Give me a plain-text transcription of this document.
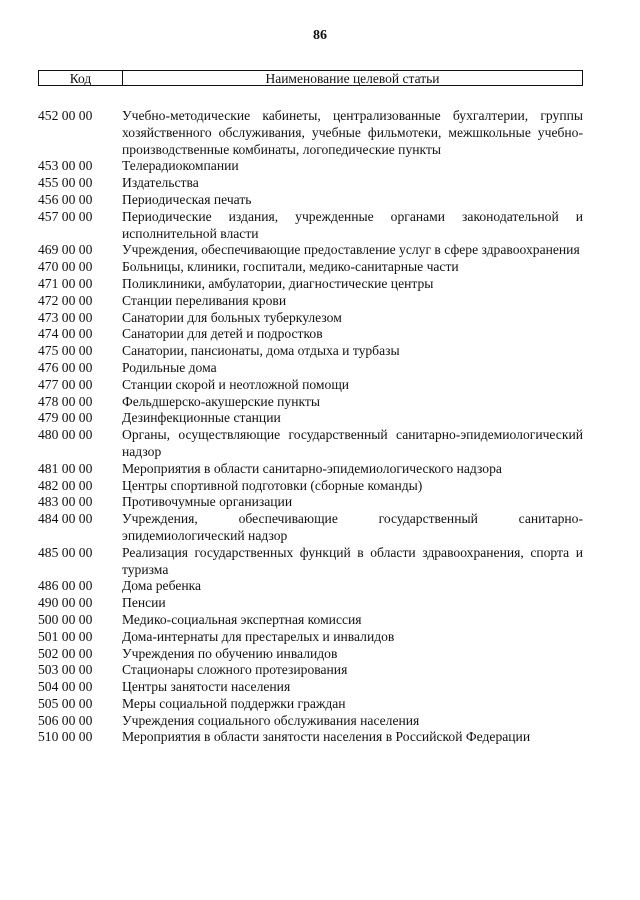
86
Код	Наименование целевой статьи
452 00 00	Учебно-методические кабинеты, централизованные бухгалтерии, группы хозяйственного обслуживания, учебные фильмотеки, межшкольные учебно-производственные комбинаты, логопедические пункты
453 00 00	Телерадиокомпании
455 00 00	Издательства
456 00 00	Периодическая печать
457 00 00	Периодические издания, учрежденные органами законодательной и исполнительной власти
469 00 00	Учреждения, обеспечивающие предоставление услуг в сфере здравоохранения
470 00 00	Больницы, клиники, госпитали, медико-санитарные части
471 00 00	Поликлиники, амбулатории, диагностические центры
472 00 00	Станции переливания крови
473 00 00	Санатории для больных туберкулезом
474 00 00	Санатории для детей и подростков
475 00 00	Санатории, пансионаты, дома отдыха и турбазы
476 00 00	Родильные дома
477 00 00	Станции скорой и неотложной помощи
478 00 00	Фельдшерско-акушерские пункты
479 00 00	Дезинфекционные станции
480 00 00	Органы, осуществляющие государственный санитарно-эпидемиологический надзор
481 00 00	Мероприятия в области санитарно-эпидемиологического надзора
482 00 00	Центры спортивной подготовки (сборные команды)
483 00 00	Противочумные организации
484 00 00	Учреждения, обеспечивающие государственный санитарно-эпидемиологический надзор
485 00 00	Реализация государственных функций в области здравоохранения, спорта и туризма
486 00 00	Дома ребенка
490 00 00	Пенсии
500 00 00	Медико-социальная экспертная комиссия
501 00 00	Дома-интернаты для престарелых и инвалидов
502 00 00	Учреждения по обучению инвалидов
503 00 00	Стационары сложного протезирования
504 00 00	Центры занятости населения
505 00 00	Меры социальной поддержки граждан
506 00 00	Учреждения социального обслуживания населения
510 00 00	Мероприятия в области занятости населения в Российской Федерации
